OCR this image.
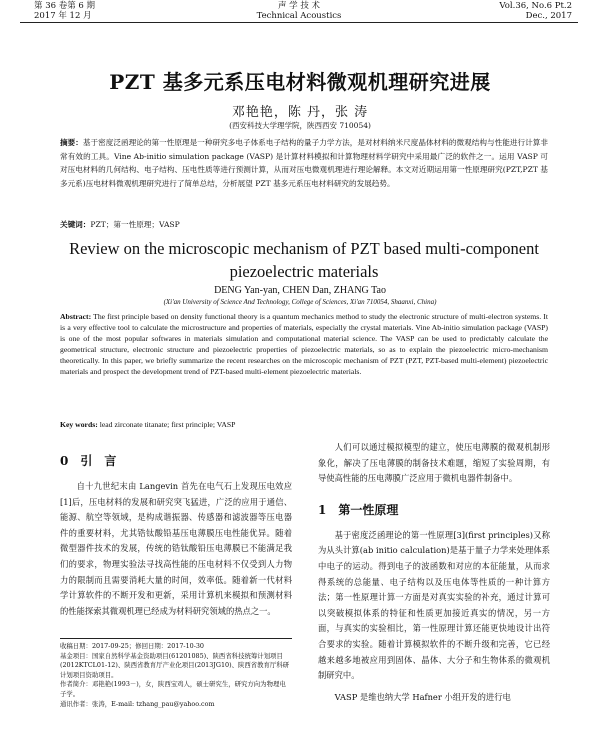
第 36 卷第 6 期
2017 年 12 月
声 学 技 术
Technical Acoustics
Vol.36, No.6 Pt.2
Dec., 2017
PZT 基多元系压电材料微观机理研究进展
邓艳艳，陈 丹，张 涛
(西安科技大学理学院，陕西西安 710054)
摘要：基于密度泛函理论的第一性原理是一种研究多电子体系电子结构的量子力学方法，是对材料纳米尺度晶体材料的微观结构与性能进行计算非常有效的工具。Vine Ab-initio simulation package (VASP) 是计算材料模拟和计算物理材料学研究中采用最广泛的软件之一。运用 VASP 可对压电材料的几何结构、电子结构、压电性质等进行预测计算，从而对压电微观机理进行理论解释。本文对近期运用第一性原理研究(PZT,PZT 基多元系)压电材料微观机理研究进行了简单总结，分析展望 PZT 基多元系压电材料研究的发展趋势。
关键词：PZT；第一性原理；VASP
Review on the microscopic mechanism of PZT based multi-component piezoelectric materials
DENG Yan-yan, CHEN Dan, ZHANG Tao
(Xi'an University of Science And Technology, College of Sciences, Xi'an 710054, Shaanxi, China)
Abstract: The first principle based on density functional theory is a quantum mechanics method to study the electronic structure of multi-electron systems. It is a very effective tool to calculate the microstructure and properties of materials, especially the crystal materials. Vine Ab-initio simulation package (VASP) is one of the most popular softwares in materials simulation and computational material science. The VASP can be used to predictably calculate the geometrical structure, electronic structure and piezoelectric properties of piezoelectric materials, so as to explain the piezoelectric micro-mechanism theoretically. In this paper, we briefly summarize the recent researches on the microscopic mechanism of PZT (PZT, PZT-based multi-element) piezoelectric materials and prospect the development trend of PZT-based multi-element piezoelectric materials.
Key words: lead zirconate titanate; first principle; VASP
0　引　言

自十九世纪末由 Langevin 首先在电气石上发现压电效应[1]后，压电材料的发展和研究突飞猛进，广泛的应用于通信、能源、航空等领域，是构成谐振器、传感器和滤波器等压电器件的重要材料，尤其锆钛酸铅基压电薄膜压电性能优异。随着微型器件技术的发展，传统的锆钛酸铅压电薄膜已不能满足我们的要求，物理实验法寻找高性能的压电材料不仅受到人力物力的限制而且需要消耗大量的时间，效率低。随着新一代材料学计算软件的不断开发和更新，采用计算机来模拟和预测材料的性能探索其微观机理已经成为材料研究领域的热点之一。

人们可以通过模拟模型的建立，使压电薄膜的微观机制形象化，解决了压电薄膜的制备技术难题，缩短了实验周期，有导使高性能的压电薄膜广泛应用于微机电器件制备中。

1　第一性原理

基于密度泛函理论的第一性原理[3](first principles)又称为从头计算(ab initio calculation)是基于量子力学来处理体系中电子的运动。得到电子的波函数和对应的本征能量，从而求得系统的总能量、电子结构以及压电体等性质的一种计算方法；第一性原理计算一方面是对真实实验的补充，通过计算可以突破模拟体系的特征和性质更加接近真实的情况，另一方面，与真实的实验相比，第一性原理计算还能更快地设计出符合要求的实验。随着计算模拟软件的不断升级和完善，它已经越来越多地被应用到固体、晶体、大分子和生物体系的微观机制研究中。

VASP 是维也纳大学 Hafner 小组开发的进行电

收稿日期：2017-09-25；修回日期：2017-10-30

基金项目：国家自然科学基金资助项目(61201085)、陕西省科技统筹计划项目(2012KTCL01-12)、陕西省教育厅产业化项目(2013JG10)、陕西省教育厅科研计划项目资助项目。

作者简介：邓艳艳(1993－)，女，陕西宝鸡人，硕士研究生，研究方向为物理电子学。

通讯作者：张涛，E-mail: tzhang_pau@yahoo.com
